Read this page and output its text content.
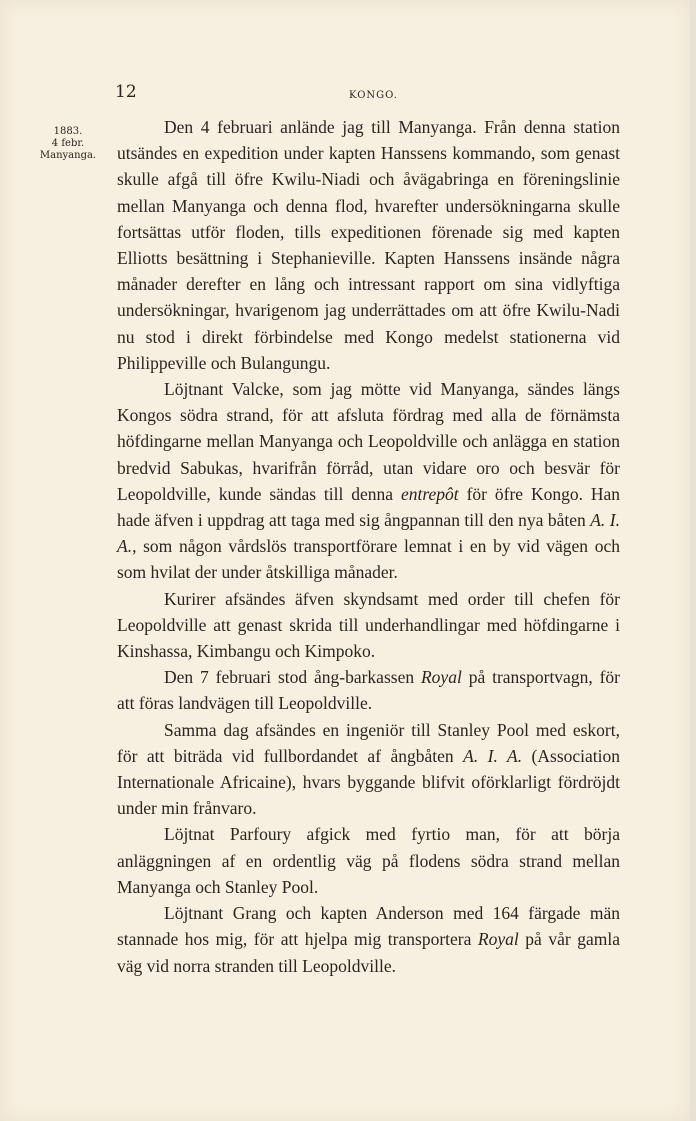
12	KONGO.
1883.
4 febr.
Manyanga.

Den 4 februari anlände jag till Manyanga. Från denna station utsändes en expedition under kapten Hanssens kommando, som genast skulle afgå till öfre Kwilu-Niadi och åvägabringa en föreningslinie mellan Manyanga och denna flod, hvarefter undersökningarna skulle fortsättas utför floden, tills expeditionen förenade sig med kapten Elliotts besättning i Stephanieville. Kapten Hanssens insände några månader derefter en lång och intressant rapport om sina vidlyftiga undersökningar, hvarigenom jag underrättades om att öfre Kwilu-Nadi nu stod i direkt förbindelse med Kongo medelst stationerna vid Philippeville och Bulangungu.

Löjtnant Valcke, som jag mötte vid Manyanga, sändes längs Kongos södra strand, för att afsluta fördrag med alla de förnämsta höfdingarne mellan Manyanga och Leopoldville och anlägga en station bredvid Sabukas, hvarifrån förråd, utan vidare oro och besvär för Leopoldville, kunde sändas till denna entrepôt för öfre Kongo. Han hade äfven i uppdrag att taga med sig ångpannan till den nya båten A. I. A., som någon vårdslös transportförare lemnat i en by vid vägen och som hvilat der under åtskilliga månader.

Kurirer afsändes äfven skyndsamt med order till chefen för Leopoldville att genast skrida till underhandlingar med höfdingarne i Kinshassa, Kimbangu och Kimpoko.

Den 7 februari stod ång-barkassen Royal på transportvagn, för att föras landvägen till Leopoldville.

Samma dag afsändes en ingeniör till Stanley Pool med eskort, för att biträda vid fullbordandet af ångbåten A. I. A. (Association Internationale Africaine), hvars byggande blifvit oförklarligt fördröjdt under min frånvaro.

Löjtnat Parfoury afgick med fyrtio man, för att börja anläggningen af en ordentlig väg på flodens södra strand mellan Manyanga och Stanley Pool.

Löjtnant Grang och kapten Anderson med 164 färgade män stannade hos mig, för att hjelpa mig transportera Royal på vår gamla väg vid norra stranden till Leopoldville.
